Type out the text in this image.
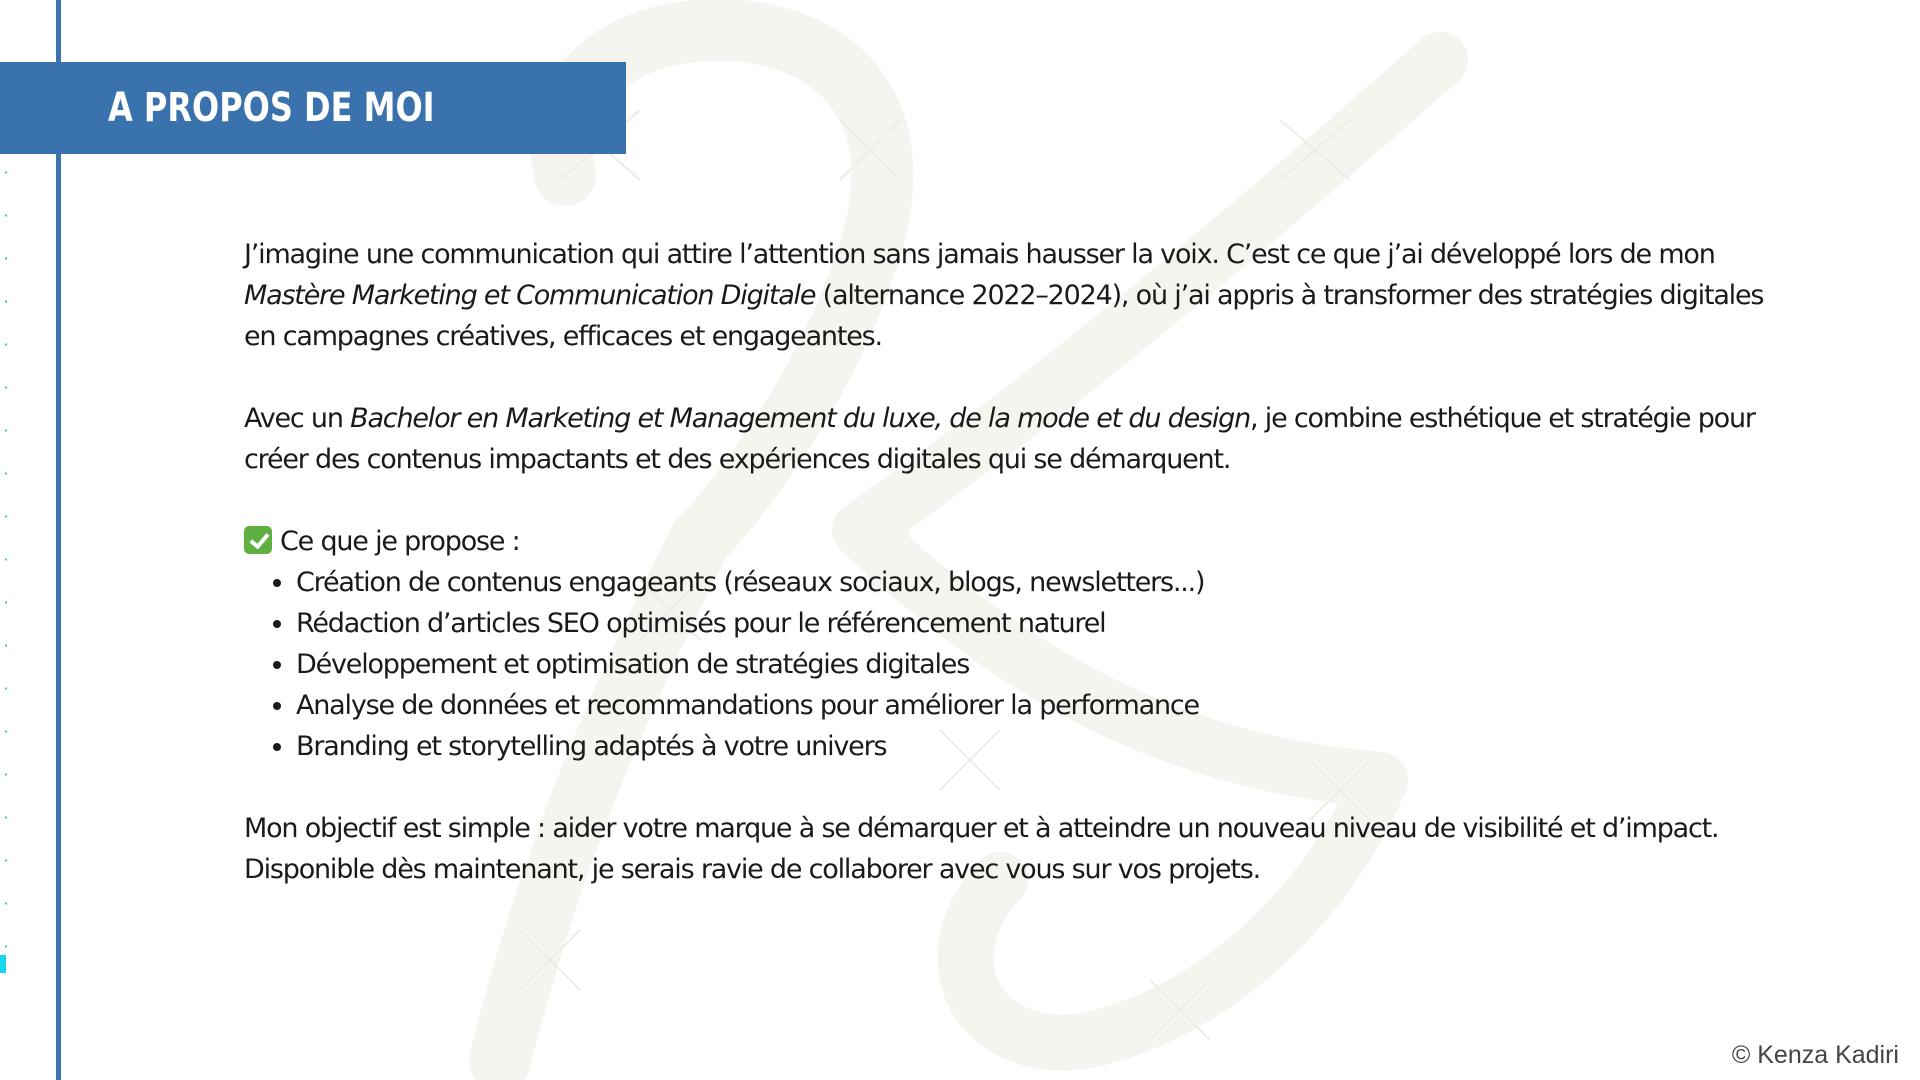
A PROPOS DE MOI

J’imagine une communication qui attire l’attention sans jamais hausser la voix. C’est ce que j’ai développé lors de mon Mastère Marketing et Communication Digitale (alternance 2022–2024), où j’ai appris à transformer des stratégies digitales en campagnes créatives, efficaces et engageantes.

Avec un Bachelor en Marketing et Management du luxe, de la mode et du design, je combine esthétique et stratégie pour créer des contenus impactants et des expériences digitales qui se démarquent.

Ce que je propose :

• Création de contenus engageants (réseaux sociaux, blogs, newsletters...)
• Rédaction d’articles SEO optimisés pour le référencement naturel
• Développement et optimisation de stratégies digitales
• Analyse de données et recommandations pour améliorer la performance
• Branding et storytelling adaptés à votre univers

Mon objectif est simple : aider votre marque à se démarquer et à atteindre un nouveau niveau de visibilité et d’impact.

Disponible dès maintenant, je serais ravie de collaborer avec vous sur vos projets.

© Kenza Kadiri
